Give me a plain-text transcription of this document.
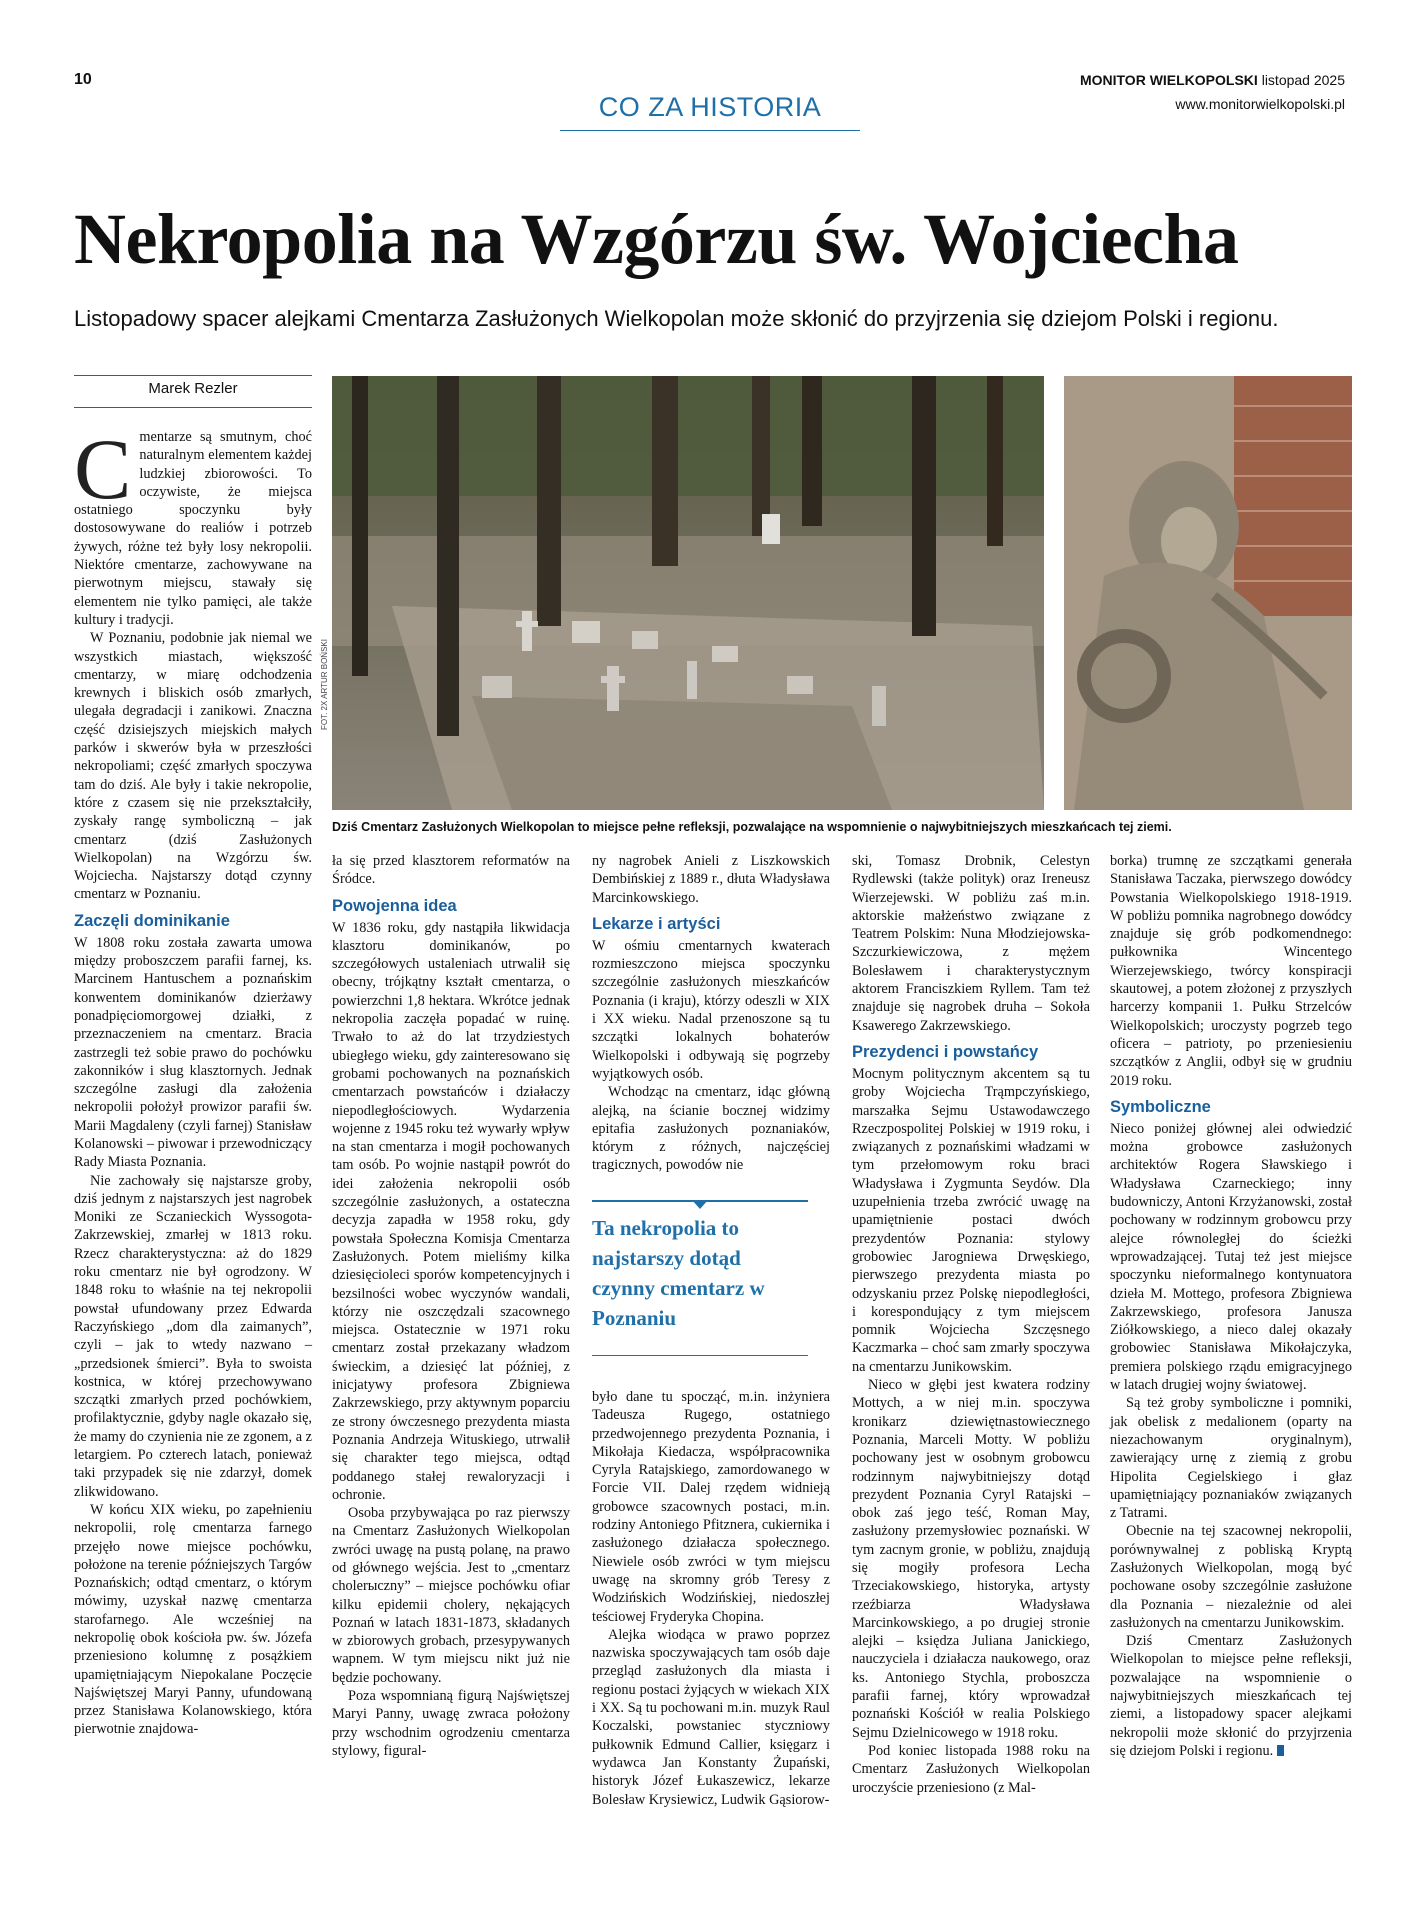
10
CO ZA HISTORIA
MONITOR WIELKOPOLSKI listopad 2025
www.monitorwielkopolski.pl
Nekropolia na Wzgórzu św. Wojciecha
Listopadowy spacer alejkami Cmentarza Zasłużonych Wielkopolan może skłonić do przyjrzenia się dziejom Polski i regionu.
Marek Rezler
FOT. 2X ARTUR BOŃSKI
Dziś Cmentarz Zasłużonych Wielkopolan to miejsce pełne refleksji, pozwalające na wspomnienie o najwybitniejszych mieszkańcach tej ziemi.

Cmentarze są smutnym, choć naturalnym elementem każdej ludzkiej zbiorowości. To oczywiste, że miejsca ostatniego spoczynku były dostosowywane do realiów i potrzeb żywych, różne też były losy nekropolii. Niektóre cmentarze, zachowywane na pierwotnym miejscu, stawały się elementem nie tylko pamięci, ale także kultury i tradycji.

W Poznaniu, podobnie jak niemal we wszystkich miastach, większość cmentarzy, w miarę odchodzenia krewnych i bliskich osób zmarłych, ulegała degradacji i zanikowi. Znaczna część dzisiejszych miejskich małych parków i skwerów była w przeszłości nekropoliami; część zmarłych spoczywa tam do dziś. Ale były i takie nekropolie, które z czasem się nie przekształciły, zyskały rangę symboliczną – jak cmentarz (dziś Zasłużonych Wielkopolan) na Wzgórzu św. Wojciecha. Najstarszy dotąd czynny cmentarz w Poznaniu.

Zaczęli dominikanie

W 1808 roku została zawarta umowa między proboszczem parafii farnej, ks. Marcinem Hantuschem a poznańskim konwentem dominikanów dzierżawy ponadpięciomorgowej działki, z przeznaczeniem na cmentarz. Bracia zastrzegli też sobie prawo do pochówku zakonników i sług klasztornych. Jednak szczególne zasługi dla założenia nekropolii położył prowizor parafii św. Marii Magdaleny (czyli farnej) Stanisław Kolanowski – piwowar i przewodniczący Rady Miasta Poznania.

Nie zachowały się najstarsze groby, dziś jednym z najstarszych jest nagrobek Moniki ze Sczanieckich Wyssogota-Zakrzewskiej, zmarłej w 1813 roku. Rzecz charakterystyczna: aż do 1829 roku cmentarz nie był ogrodzony. W 1848 roku to właśnie na tej nekropolii powstał ufundowany przez Edwarda Raczyńskiego „dom dla zaimanych”, czyli – jak to wtedy nazwano – „przedsionek śmierci”. Była to swoista kostnica, w której przechowywano szczątki zmarłych przed pochówkiem, profilaktycznie, gdyby nagle okazało się, że mamy do czynienia nie ze zgonem, a z letargiem. Po czterech latach, ponieważ taki przypadek się nie zdarzył, domek zlikwidowano.

W końcu XIX wieku, po zapełnieniu nekropolii, rolę cmentarza farnego przejęło nowe miejsce pochówku, położone na terenie późniejszych Targów Poznańskich; odtąd cmentarz, o którym mówimy, uzyskał nazwę cmentarza starofarnego. Ale wcześniej na nekropolię obok kościoła pw. św. Józefa przeniesiono kolumnę z posążkiem upamiętniającym Niepokalane Poczęcie Najświętszej Maryi Panny, ufundowaną przez Stanisława Kolanowskiego, która pierwotnie znajdowa-

ła się przed klasztorem reformatów na Śródce.

Powojenna idea

W 1836 roku, gdy nastąpiła likwidacja klasztoru dominikanów, po szczegółowych ustaleniach utrwalił się obecny, trójkątny kształt cmentarza, o powierzchni 1,8 hektara. Wkrótce jednak nekropolia zaczęła popadać w ruinę. Trwało to aż do lat trzydziestych ubiegłego wieku, gdy zainteresowano się grobami pochowanych na poznańskich cmentarzach powstańców i działaczy niepodległościowych. Wydarzenia wojenne z 1945 roku też wywarły wpływ na stan cmentarza i mogił pochowanych tam osób. Po wojnie nastąpił powrót do idei założenia nekropolii osób szczególnie zasłużonych, a ostateczna decyzja zapadła w 1958 roku, gdy powstała Społeczna Komisja Cmentarza Zasłużonych. Potem mieliśmy kilka dziesięcioleci sporów kompetencyjnych i bezsilności wobec wyczynów wandali, którzy nie oszczędzali szacownego miejsca. Ostatecznie w 1971 roku cmentarz został przekazany władzom świeckim, a dziesięć lat później, z inicjatywy profesora Zbigniewa Zakrzewskiego, przy aktywnym poparciu ze strony ówczesnego prezydenta miasta Poznania Andrzeja Wituskiego, utrwalił się charakter tego miejsca, odtąd poddanego stałej rewaloryzacji i ochronie.

Osoba przybywająca po raz pierwszy na Cmentarz Zasłużonych Wielkopolan zwróci uwagę na pustą polanę, na prawo od głównego wejścia. Jest to „cmentarz cholerыczny” – miejsce pochówku ofiar kilku epidemii cholery, nękających Poznań w latach 1831-1873, składanych w zbiorowych grobach, przesypywanych wapnem. W tym miejscu nikt już nie będzie pochowany.

Poza wspomnianą figurą Najświętszej Maryi Panny, uwagę zwraca położony przy wschodnim ogrodzeniu cmentarza stylowy, figural-

ny nagrobek Anieli z Liszkowskich Dembińskiej z 1889 r., dłuta Władysława Marcinkowskiego.

Lekarze i artyści

W ośmiu cmentarnych kwaterach rozmieszczono miejsca spoczynku szczególnie zasłużonych mieszkańców Poznania (i kraju), którzy odeszli w XIX i XX wieku. Nadal przenoszone są tu szczątki lokalnych bohaterów Wielkopolski i odbywają się pogrzeby wyjątkowych osób.

Wchodząc na cmentarz, idąc główną alejką, na ścianie bocznej widzimy epitafia zasłużonych poznaniaków, którym z różnych, najczęściej tragicznych, powodów nie

Ta nekropolia to najstarszy dotąd czynny cmentarz w Poznaniu

było dane tu spocząć, m.in. inżyniera Tadeusza Rugego, ostatniego przedwojennego prezydenta Poznania, i Mikołaja Kiedacza, współpracownika Cyryla Ratajskiego, zamordowanego w Forcie VII. Dalej rzędem widnieją grobowce szacownych postaci, m.in. rodziny Antoniego Pfitznera, cukiernika i zasłużonego działacza społecznego. Niewiele osób zwróci w tym miejscu uwagę na skromny grób Teresy z Wodzińskich Wodzińskiej, niedoszłej teściowej Fryderyka Chopina.

Alejka wiodąca w prawo poprzez nazwiska spoczywających tam osób daje przegląd zasłużonych dla miasta i regionu postaci żyjących w wiekach XIX i XX. Są tu pochowani m.in. muzyk Raul Koczalski, powstaniec styczniowy pułkownik Edmund Callier, księgarz i wydawca Jan Konstanty Żupański, historyk Józef Łukaszewicz, lekarze Bolesław Krysiewicz, Ludwik Gąsiorow-

ski, Tomasz Drobnik, Celestyn Rydlewski (także polityk) oraz Ireneusz Wierzejewski. W pobliżu zaś m.in. aktorskie małżeństwo związane z Teatrem Polskim: Nuna Młodziejowska-Szczurkiewiczowa, z mężem Bolesławem i charakterystycznym aktorem Franciszkiem Ryllem. Tam też znajduje się nagrobek druha – Sokoła Ksawerego Zakrzewskiego.

Prezydenci i powstańcy

Mocnym politycznym akcentem są tu groby Wojciecha Trąmpczyńskiego, marszałka Sejmu Ustawodawczego Rzeczpospolitej Polskiej w 1919 roku, i związanych z poznańskimi władzami w tym przełomowym roku braci Władysława i Zygmunta Seydów. Dla uzupełnienia trzeba zwrócić uwagę na upamiętnienie postaci dwóch prezydentów Poznania: stylowy grobowiec Jarogniewa Drwęskiego, pierwszego prezydenta miasta po odzyskaniu przez Polskę niepodległości, i korespondujący z tym miejscem pomnik Wojciecha Szczęsnego Kaczmarka – choć sam zmarły spoczywa na cmentarzu Junikowskim.

Nieco w głębi jest kwatera rodziny Mottych, a w niej m.in. spoczywa kronikarz dziewiętnastowiecznego Poznania, Marceli Motty. W pobliżu pochowany jest w osobnym grobowcu rodzinnym najwybitniejszy dotąd prezydent Poznania Cyryl Ratajski – obok zaś jego teść, Roman May, zasłużony przemysłowiec poznański. W tym zacnym gronie, w pobliżu, znajdują się mogiły profesora Lecha Trzeciakowskiego, historyka, artysty rzeźbiarza Władysława Marcinkowskiego, a po drugiej stronie alejki – księdza Juliana Janickiego, nauczyciela i działacza naukowego, oraz ks. Antoniego Stychla, proboszcza parafii farnej, który wprowadzał poznański Kościół w realia Polskiego Sejmu Dzielnicowego w 1918 roku.

Pod koniec listopada 1988 roku na Cmentarz Zasłużonych Wielkopolan uroczyście przeniesiono (z Mal-

borka) trumnę ze szczątkami generała Stanisława Taczaka, pierwszego dowódcy Powstania Wielkopolskiego 1918-1919. W pobliżu pomnika nagrobnego dowódcy znajduje się grób podkomendnego: pułkownika Wincentego Wierzejewskiego, twórcy konspiracji skautowej, a potem złożonej z przyszłych harcerzy kompanii 1. Pułku Strzelców Wielkopolskich; uroczysty pogrzeb tego oficera – patrioty, po przeniesieniu szczątków z Anglii, odbył się w grudniu 2019 roku.

Symboliczne

Nieco poniżej głównej alei odwiedzić można grobowce zasłużonych architektów Rogera Sławskiego i Władysława Czarneckiego; inny budowniczy, Antoni Krzyżanowski, został pochowany w rodzinnym grobowcu przy alejce równoległej do ścieżki wprowadzającej. Tutaj też jest miejsce spoczynku nieformalnego kontynuatora dzieła M. Mottego, profesora Zbigniewa Zakrzewskiego, profesora Janusza Ziółkowskiego, a nieco dalej okazały grobowiec Stanisława Mikołajczyka, premiera polskiego rządu emigracyjnego w latach drugiej wojny światowej.

Są też groby symboliczne i pomniki, jak obelisk z medalionem (oparty na niezachowanym oryginalnym), zawierający urnę z ziemią z grobu Hipolita Cegielskiego i głaz upamiętniający poznaniaków związanych z Tatrami.

Obecnie na tej szacownej nekropolii, porównywalnej z pobliską Kryptą Zasłużonych Wielkopolan, mogą być pochowane osoby szczególnie zasłużone dla Poznania – niezależnie od alei zasłużonych na cmentarzu Junikowskim.

Dziś Cmentarz Zasłużonych Wielkopolan to miejsce pełne refleksji, pozwalające na wspomnienie o najwybitniejszych mieszkańcach tej ziemi, a listopadowy spacer alejkami nekropolii może skłonić do przyjrzenia się dziejom Polski i regionu.
